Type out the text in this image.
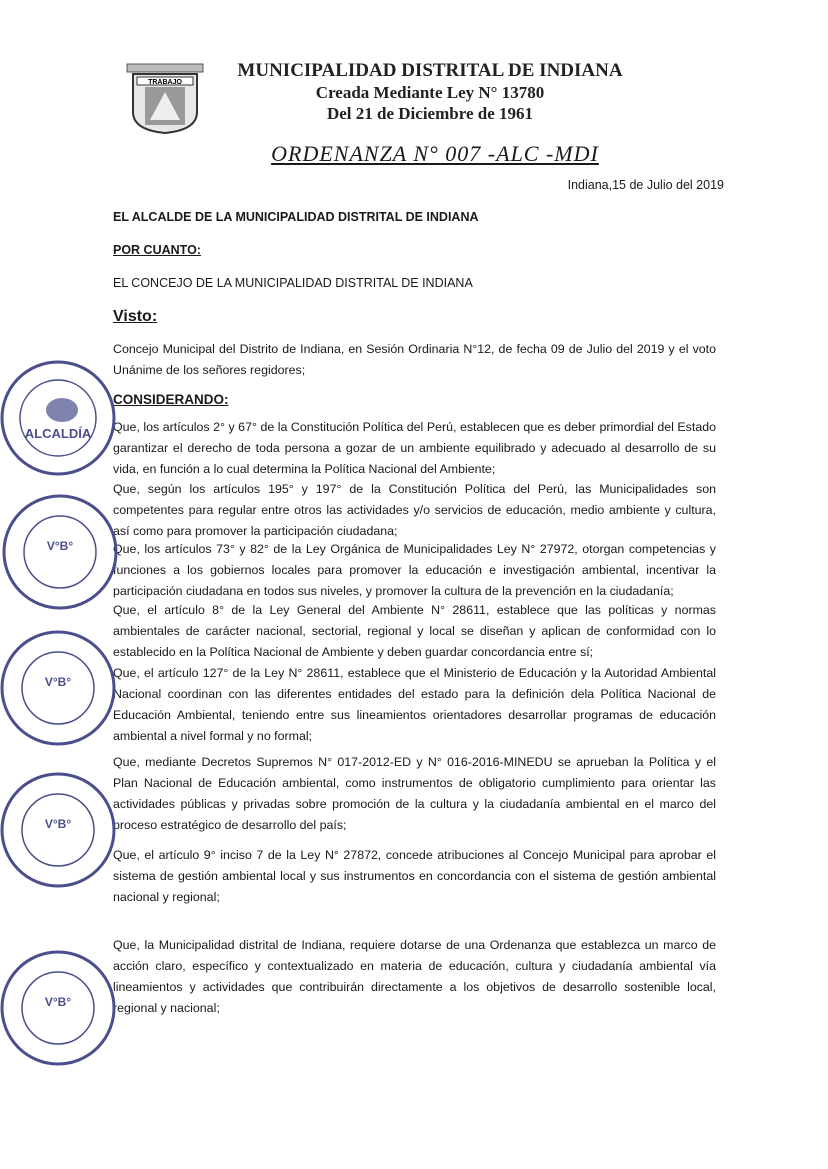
TRABAJO
MUNICIPALIDAD DISTRITAL DE INDIANA
Creada Mediante Ley N° 13780
Del 21 de Diciembre de 1961
ORDENANZA N° 007 -ALC -MDI
Indiana,15 de Julio del 2019
EL ALCALDE DE LA MUNICIPALIDAD DISTRITAL DE INDIANA
POR CUANTO:
EL CONCEJO DE LA MUNICIPALIDAD DISTRITAL DE INDIANA
Visto:
Concejo Municipal del Distrito de Indiana, en Sesión Ordinaria N°12, de fecha 09 de Julio del 2019 y el voto Unánime de los señores regidores;
CONSIDERANDO:
Que, los artículos 2° y 67° de la Constitución Política del Perú, establecen que es deber primordial del Estado garantizar el derecho de toda persona a gozar de un ambiente equilibrado y adecuado al desarrollo de su vida, en función a lo cual determina la Política Nacional del Ambiente;
Que, según los artículos 195° y 197° de la Constitución Política del Perú, las Municipalidades son competentes para regular entre otros las actividades y/o servicios de educación, medio ambiente y cultura, así como para promover la participación ciudadana;
Que, los artículos 73° y 82° de la Ley Orgánica de Municipalidades Ley N° 27972, otorgan competencias y funciones a los gobiernos locales para promover la educación e investigación ambiental, incentivar la participación ciudadana en todos sus niveles, y promover la cultura de la prevención en la ciudadanía;
Que, el artículo 8° de la Ley General del Ambiente N° 28611, establece que las políticas y normas ambientales de carácter nacional, sectorial, regional y local se diseñan y aplican de conformidad con lo establecido en la Política Nacional de Ambiente y deben guardar concordancia entre sí;
Que, el artículo 127° de la Ley N° 28611, establece que el Ministerio de Educación y la Autoridad Ambiental Nacional coordinan con las diferentes entidades del estado para la definición dela Política Nacional de Educación Ambiental, teniendo entre sus lineamientos orientadores desarrollar programas de educación ambiental a nivel formal y no formal;
Que, mediante Decretos Supremos N° 017-2012-ED y N° 016-2016-MINEDU se aprueban la Política y el Plan Nacional de Educación ambiental, como instrumentos de obligatorio cumplimiento para orientar las actividades públicas y privadas sobre promoción de la cultura y la ciudadanía ambiental en el marco del proceso estratégico de desarrollo del país;
Que, el artículo 9° inciso 7 de la Ley N° 27872, concede atribuciones al Concejo Municipal para aprobar el sistema de gestión ambiental local y sus instrumentos en concordancia con el sistema de gestión ambiental nacional y regional;
Que, la Municipalidad distrital de Indiana, requiere dotarse de una Ordenanza que establezca un marco de acción claro, específico y contextualizado en materia de educación, cultura y ciudadanía ambiental vía lineamientos y actividades que contribuirán directamente a los objetivos de desarrollo sostenible local, regional y nacional;
ALCALDÍA
V°B°
V°B°
V°B°
V°B°
